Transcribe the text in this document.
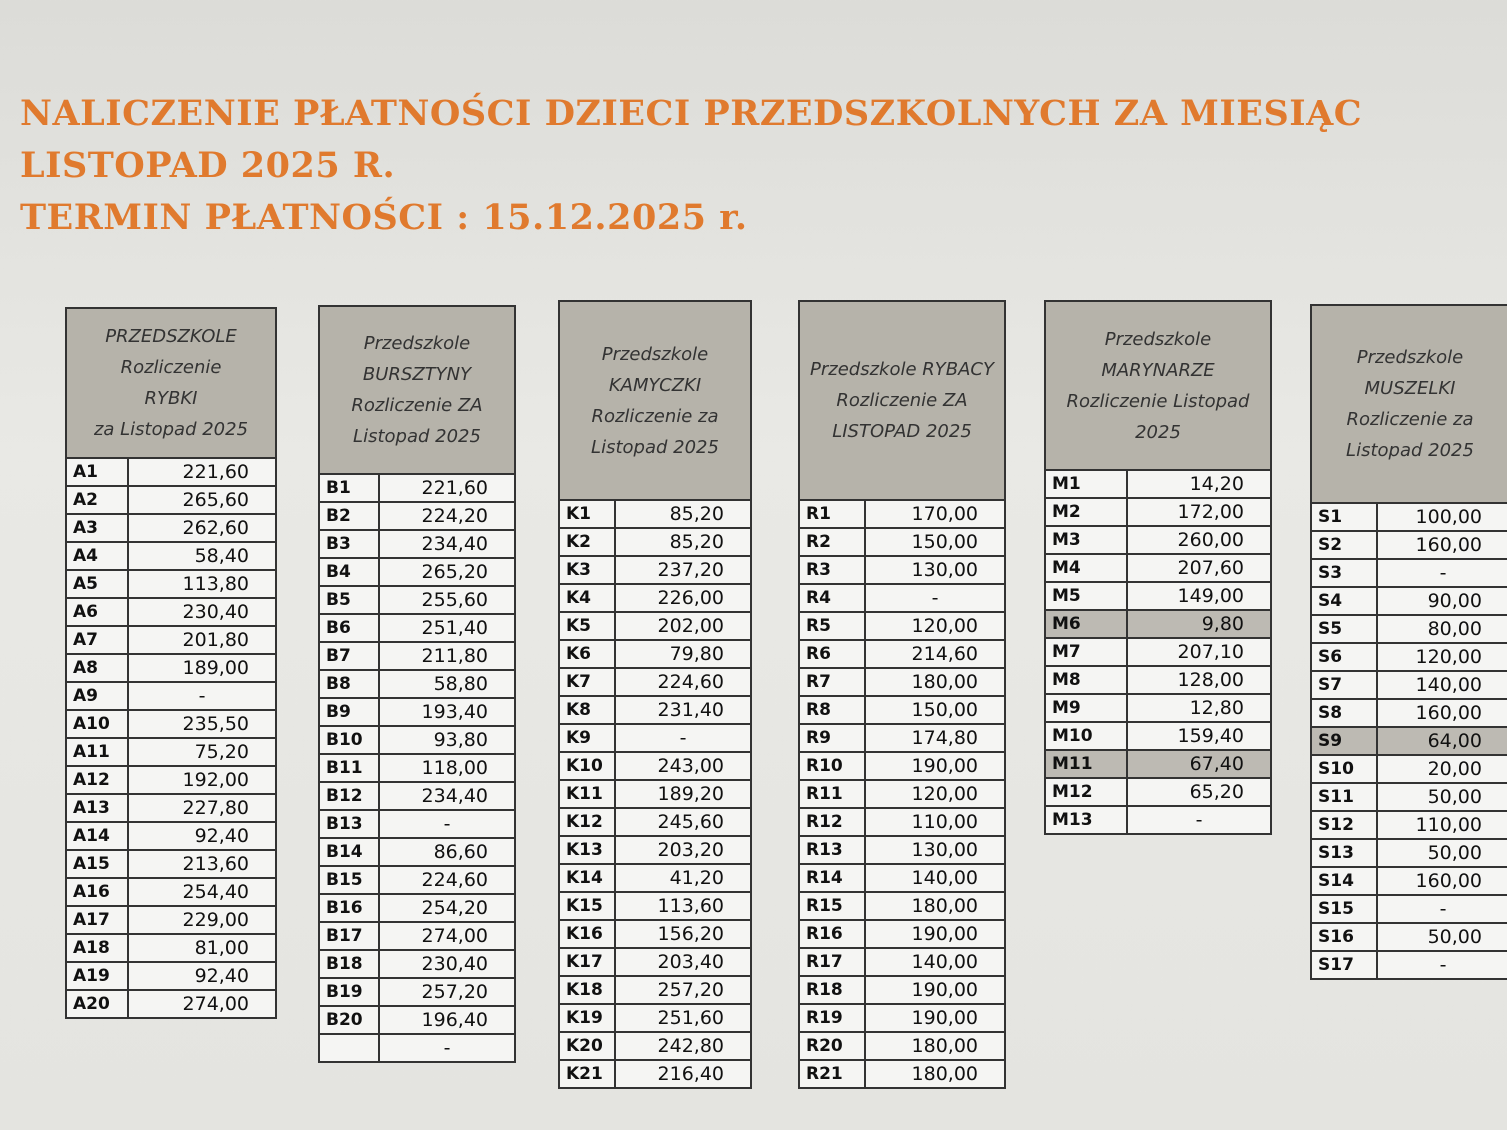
NALICZENIE PŁATNOŚCI DZIECI PRZEDSZKOLNYCH ZA MIESIĄC
LISTOPAD 2025 R.
TERMIN PŁATNOŚCI : 15.12.2025 r.
PRZEDSZKOLE
Rozliczenie
RYBKI
za Listopad 2025	

A1	221,60
A2	265,60
A3	262,60
A4	58,40
A5	113,80
A6	230,40
A7	201,80
A8	189,00
A9	-
A10	235,50
A11	75,20
A12	192,00
A13	227,80
A14	92,40
A15	213,60
A16	254,40
A17	229,00
A18	81,00
A19	92,40
A20	274,00
Przedszkole
BURSZTYNY
Rozliczenie ZA
Listopad 2025	

B1	221,60
B2	224,20
B3	234,40
B4	265,20
B5	255,60
B6	251,40
B7	211,80
B8	58,80
B9	193,40
B10	93,80
B11	118,00
B12	234,40
B13	-
B14	86,60
B15	224,60
B16	254,20
B17	274,00
B18	230,40
B19	257,20
B20	196,40
	-
Przedszkole
KAMYCZKI
Rozliczenie za
Listopad 2025	

K1	85,20
K2	85,20
K3	237,20
K4	226,00
K5	202,00
K6	79,80
K7	224,60
K8	231,40
K9	-
K10	243,00
K11	189,20
K12	245,60
K13	203,20
K14	41,20
K15	113,60
K16	156,20
K17	203,40
K18	257,20
K19	251,60
K20	242,80
K21	216,40
Przedszkole RYBACY
Rozliczenie ZA
LISTOPAD 2025	

R1	170,00
R2	150,00
R3	130,00
R4	-
R5	120,00
R6	214,60
R7	180,00
R8	150,00
R9	174,80
R10	190,00
R11	120,00
R12	110,00
R13	130,00
R14	140,00
R15	180,00
R16	190,00
R17	140,00
R18	190,00
R19	190,00
R20	180,00
R21	180,00
Przedszkole
MARYNARZE
Rozliczenie Listopad
2025	

M1	14,20
M2	172,00
M3	260,00
M4	207,60
M5	149,00
M6	9,80
M7	207,10
M8	128,00
M9	12,80
M10	159,40
M11	67,40
M12	65,20
M13	-
Przedszkole
MUSZELKI
Rozliczenie za
Listopad 2025	

S1	100,00
S2	160,00
S3	-
S4	90,00
S5	80,00
S6	120,00
S7	140,00
S8	160,00
S9	64,00
S10	20,00
S11	50,00
S12	110,00
S13	50,00
S14	160,00
S15	-
S16	50,00
S17	-
